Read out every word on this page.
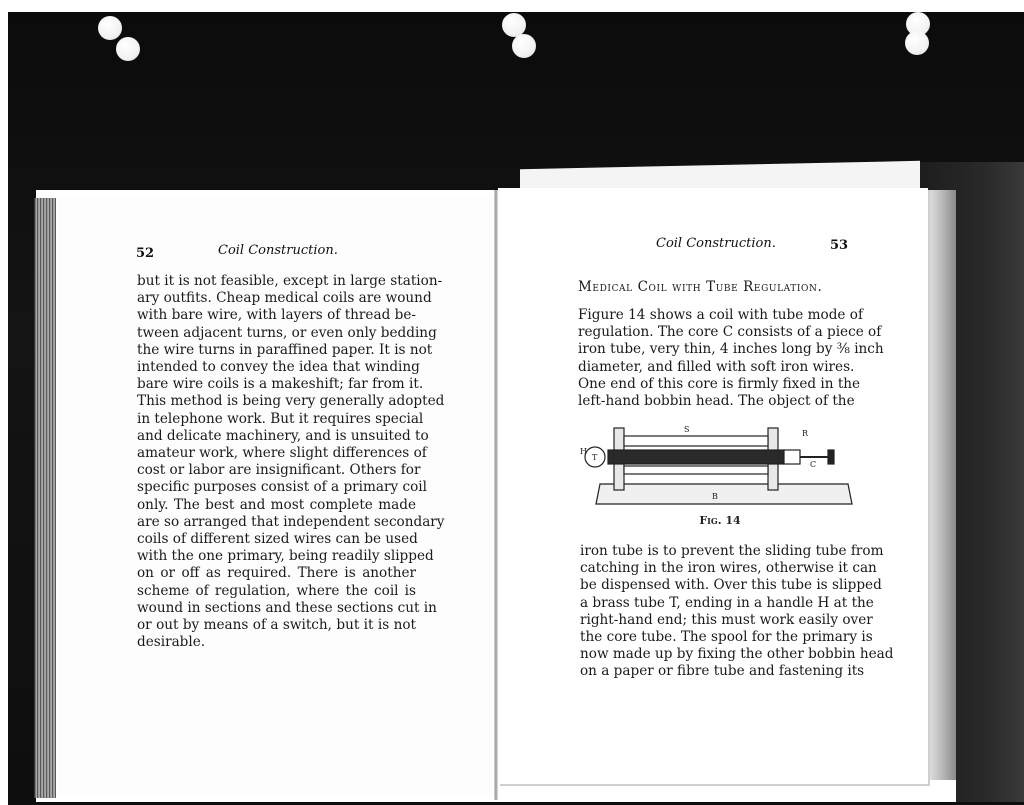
52	Coil Construction.
but it is not feasible, except in large station-
ary outfits. Cheap medical coils are wound
with bare wire, with layers of thread be-
tween adjacent turns, or even only bedding
the wire turns in paraffined paper. It is not
intended to convey the idea that winding
bare wire coils is a makeshift; far from it.
This method is being very generally adopted
in telephone work. But it requires special
and delicate machinery, and is unsuited to
amateur work, where slight differences of
cost or labor are insignificant. Others for
specific purposes consist of a primary coil
only. The best and most complete made
are so arranged that independent secondary
coils of different sized wires can be used
with the one primary, being readily slipped
on or off as required. There is another
scheme of regulation, where the coil is
wound in sections and these sections cut in
or out by means of a switch, but it is not
desirable.
Coil Construction.	53
Medical Coil with Tube Regulation.
Figure 14 shows a coil with tube mode of
regulation. The core C consists of a piece of
iron tube, very thin, 4 inches long by ⅜ inch
diameter, and filled with soft iron wires.
One end of this core is firmly fixed in the
left-hand bobbin head. The object of the
S	R
B
H
T
C
Fig. 14
iron tube is to prevent the sliding tube from
catching in the iron wires, otherwise it can
be dispensed with. Over this tube is slipped
a brass tube T, ending in a handle H at the
right-hand end; this must work easily over
the core tube. The spool for the primary is
now made up by fixing the other bobbin head
on a paper or fibre tube and fastening its
